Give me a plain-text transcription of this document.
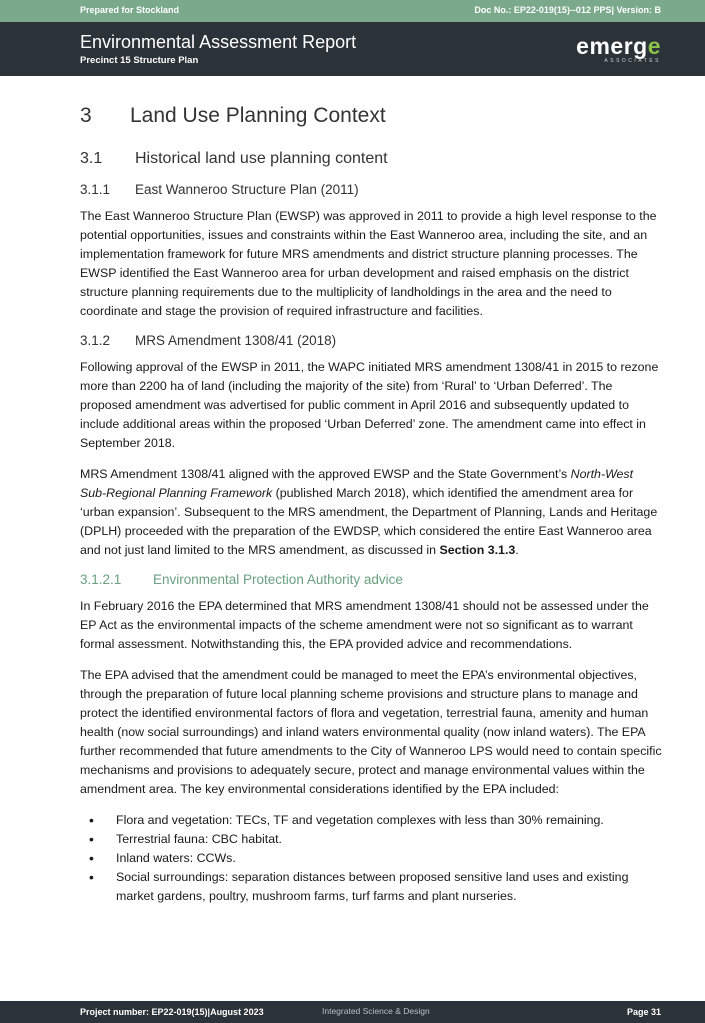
Prepared for Stockland	Doc No.: EP22-019(15)--012 PPS| Version: B
Environmental Assessment Report
Precinct 15 Structure Plan
emerge
ASSOCIATES
3 Land Use Planning Context
3.1 Historical land use planning content
3.1.1 East Wanneroo Structure Plan (2011)

The East Wanneroo Structure Plan (EWSP) was approved in 2011 to provide a high level response to the potential opportunities, issues and constraints within the East Wanneroo area, including the site, and an implementation framework for future MRS amendments and district structure planning processes. The EWSP identified the East Wanneroo area for urban development and raised emphasis on the district structure planning requirements due to the multiplicity of landholdings in the area and the need to coordinate and stage the provision of required infrastructure and facilities.

3.1.2 MRS Amendment 1308/41 (2018)

Following approval of the EWSP in 2011, the WAPC initiated MRS amendment 1308/41 in 2015 to rezone more than 2200 ha of land (including the majority of the site) from ‘Rural’ to ‘Urban Deferred’. The proposed amendment was advertised for public comment in April 2016 and subsequently updated to include additional areas within the proposed ‘Urban Deferred’ zone. The amendment came into effect in September 2018.

MRS Amendment 1308/41 aligned with the approved EWSP and the State Government’s North-West Sub-Regional Planning Framework (published March 2018), which identified the amendment area for ‘urban expansion’. Subsequent to the MRS amendment, the Department of Planning, Lands and Heritage (DPLH) proceeded with the preparation of the EWDSP, which considered the entire East Wanneroo area and not just land limited to the MRS amendment, as discussed in Section 3.1.3.

3.1.2.1 Environmental Protection Authority advice

In February 2016 the EPA determined that MRS amendment 1308/41 should not be assessed under the EP Act as the environmental impacts of the scheme amendment were not so significant as to warrant formal assessment. Notwithstanding this, the EPA provided advice and recommendations.

The EPA advised that the amendment could be managed to meet the EPA’s environmental objectives, through the preparation of future local planning scheme provisions and structure plans to manage and protect the identified environmental factors of flora and vegetation, terrestrial fauna, amenity and human health (now social surroundings) and inland waters environmental quality (now inland waters). The EPA further recommended that future amendments to the City of Wanneroo LPS would need to contain specific mechanisms and provisions to adequately secure, protect and manage environmental values within the amendment area. The key environmental considerations identified by the EPA included:

• Flora and vegetation: TECs, TF and vegetation complexes with less than 30% remaining.
• Terrestrial fauna: CBC habitat.
• Inland waters: CCWs.
• Social surroundings: separation distances between proposed sensitive land uses and existing market gardens, poultry, mushroom farms, turf farms and plant nurseries.
Project number: EP22-019(15)|August 2023	Integrated Science & Design	Page 31
